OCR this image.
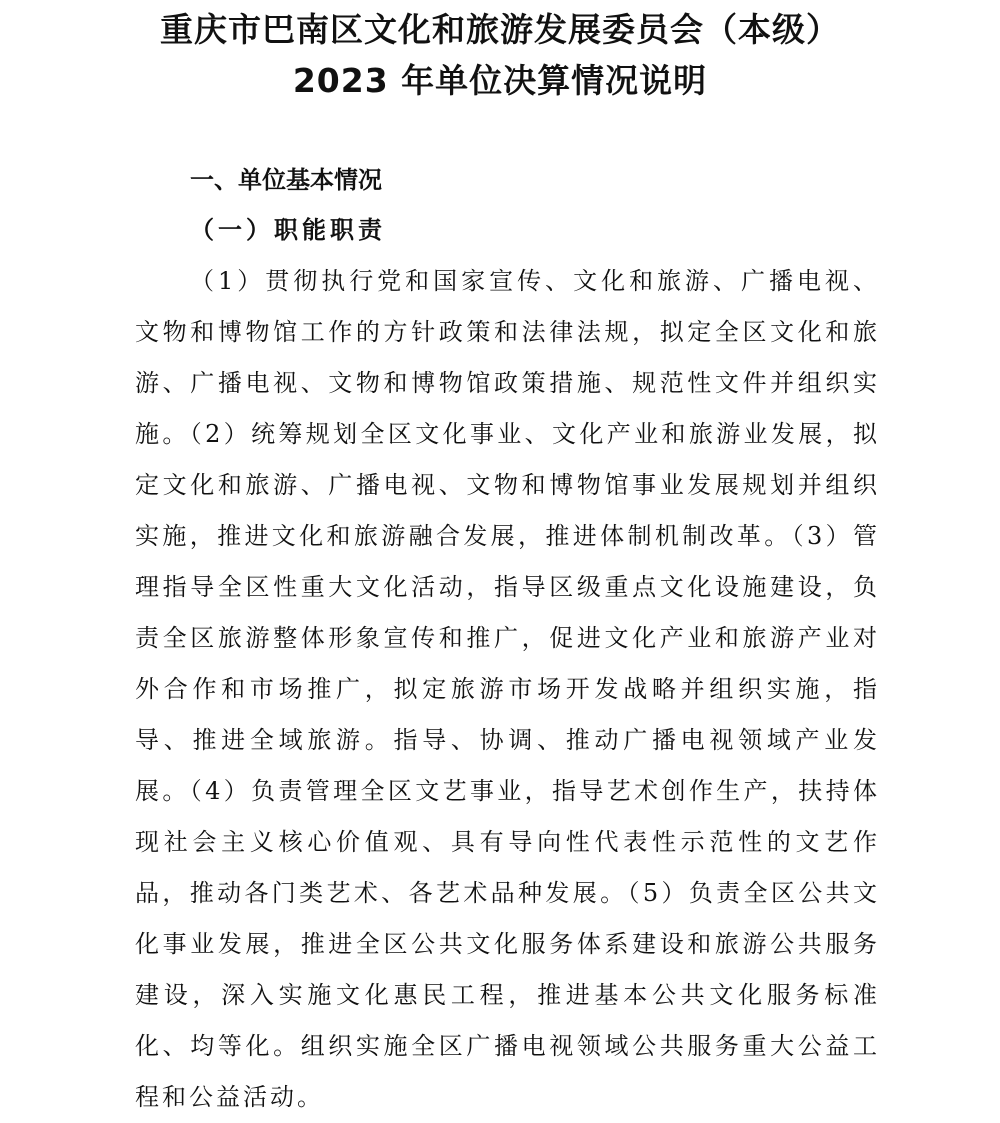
重庆市巴南区文化和旅游发展委员会（本级）
2023 年单位决算情况说明
一、单位基本情况
（一）职能职责

（1）贯彻执行党和国家宣传、文化和旅游、广播电视、文物和博物馆工作的方针政策和法律法规，拟定全区文化和旅游、广播电视、文物和博物馆政策措施、规范性文件并组织实施。（2）统筹规划全区文化事业、文化产业和旅游业发展，拟定文化和旅游、广播电视、文物和博物馆事业发展规划并组织实施，推进文化和旅游融合发展，推进体制机制改革。（3）管理指导全区性重大文化活动，指导区级重点文化设施建设，负责全区旅游整体形象宣传和推广，促进文化产业和旅游产业对外合作和市场推广，拟定旅游市场开发战略并组织实施，指导、推进全域旅游。指导、协调、推动广播电视领域产业发展。（4）负责管理全区文艺事业，指导艺术创作生产，扶持体现社会主义核心价值观、具有导向性代表性示范性的文艺作品，推动各门类艺术、各艺术品种发展。（5）负责全区公共文化事业发展，推进全区公共文化服务体系建设和旅游公共服务建设，深入实施文化惠民工程，推进基本公共文化服务标准化、均等化。组织实施全区广播电视领域公共服务重大公益工程和公益活动。
